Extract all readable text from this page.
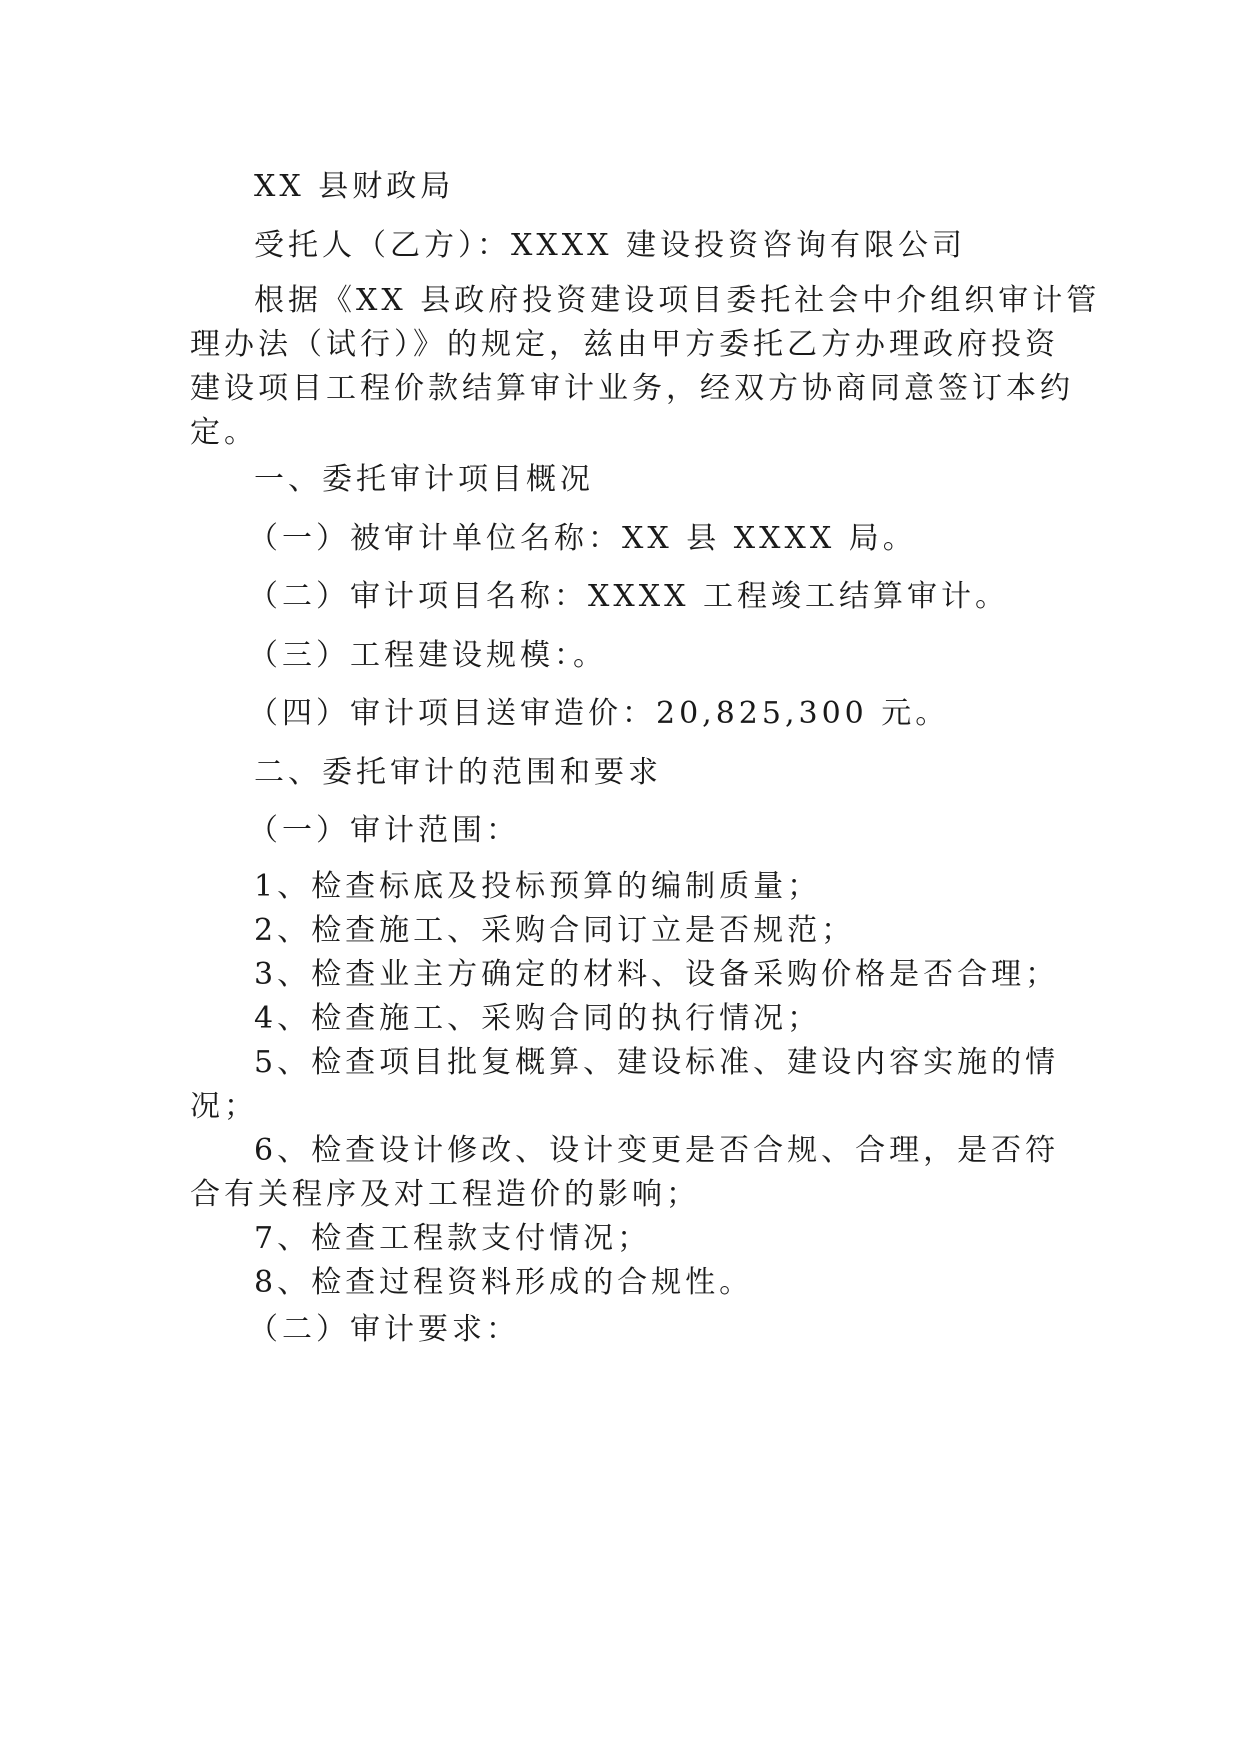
XX 县财政局

受托人（乙方）：XXXX 建设投资咨询有限公司

根据《XX 县政府投资建设项目委托社会中介组织审计管
理办法（试行）》的规定，兹由甲方委托乙方办理政府投资
建设项目工程价款结算审计业务，经双方协商同意签订本约
定。

一、委托审计项目概况

（一）被审计单位名称：XX 县 XXXX 局。

（二）审计项目名称：XXXX 工程竣工结算审计。

（三）工程建设规模：。

（四）审计项目送审造价：20,825,300 元。

二、委托审计的范围和要求

（一）审计范围：

1、检查标底及投标预算的编制质量；
2、检查施工、采购合同订立是否规范；
3、检查业主方确定的材料、设备采购价格是否合理；
4、检查施工、采购合同的执行情况；
5、检查项目批复概算、建设标准、建设内容实施的情
况；
6、检查设计修改、设计变更是否合规、合理，是否符
合有关程序及对工程造价的影响；
7、检查工程款支付情况；
8、检查过程资料形成的合规性。

（二）审计要求：
